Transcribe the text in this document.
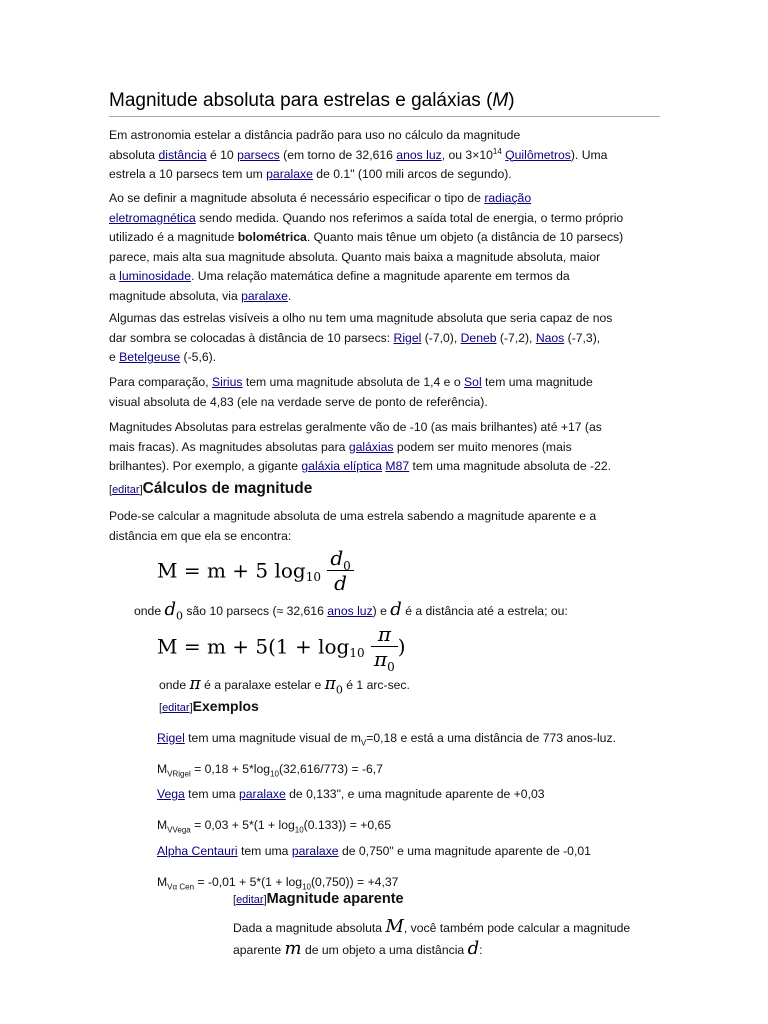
Magnitude absoluta para estrelas e galáxias (M)
Em astronomia estelar a distância padrão para uso no cálculo da magnitude
absoluta distância é 10 parsecs (em torno de 32,616 anos luz, ou $3\times 10^{14}$ Quilômetros). Uma
estrela a 10 parsecs tem um paralaxe de 0.1" (100 mili arcos de segundo).
Ao se definir a magnitude absoluta é necessário especificar o tipo de radiação
eletromagnética sendo medida. Quando nos referimos a saída total de energia, o termo próprio
utilizado é a magnitude bolométrica. Quanto mais tênue um objeto (a distância de 10 parsecs)
parece, mais alta sua magnitude absoluta. Quanto mais baixa a magnitude absoluta, maior
a luminosidade. Uma relação matemática define a magnitude aparente em termos da
magnitude absoluta, via paralaxe.
Algumas das estrelas visíveis a olho nu tem uma magnitude absoluta que seria capaz de nos
dar sombra se colocadas à distância de 10 parsecs: Rigel (-7,0), Deneb (-7,2), Naos (-7,3),
e Betelgeuse (-5,6).
Para comparação, Sirius tem uma magnitude absoluta de 1,4 e o Sol tem uma magnitude
visual absoluta de 4,83 (ele na verdade serve de ponto de referência).
Magnitudes Absolutas para estrelas geralmente vão de -10 (as mais brilhantes) até +17 (as
mais fracas). As magnitudes absolutas para galáxias podem ser muito menores (mais
brilhantes). Por exemplo, a gigante galáxia elíptica M87 tem uma magnitude absoluta de -22.
[editar]Cálculos de magnitude
Pode-se calcular a magnitude absoluta de uma estrela sabendo a magnitude aparente e a
distância em que ela se encontra:
M = m + 5 $\log_{10} \frac{d_0}{d}$
onde $d_0$ são 10 parsecs (≈ 32,616 anos luz) e d é a distância até a estrela; ou:
$M = m + 5(1 + \log_{10} \frac{\pi}{\pi_0}$ )
onde π é a paralaxe estelar e $\pi_0$ é 1 arc-sec.
[editar]Exemplos
Rigel tem uma magnitude visual de $m_V=0,18$ e está a uma distância de 773 anos-luz.
$M_{VRigel} = 0,18 + 5*\log_{10}(32,616/773) = -6,7$
Vega tem uma paralaxe de 0,133", e uma magnitude aparente de +0,03
$M_{VVega} = 0,03 + 5*(1 + \log_{10}(0.133)) = +0,65$
Alpha Centauri tem uma paralaxe de 0,750" e uma magnitude aparente de -0,01
$M_{V\alpha Cen} = -0,01 + 5*(1 + \log_{10}(0,750)) = +4,37$
[editar]Magnitude aparente
Dada a magnitude absoluta M, você também pode calcular a magnitude
aparente m de um objeto a uma distância d:
